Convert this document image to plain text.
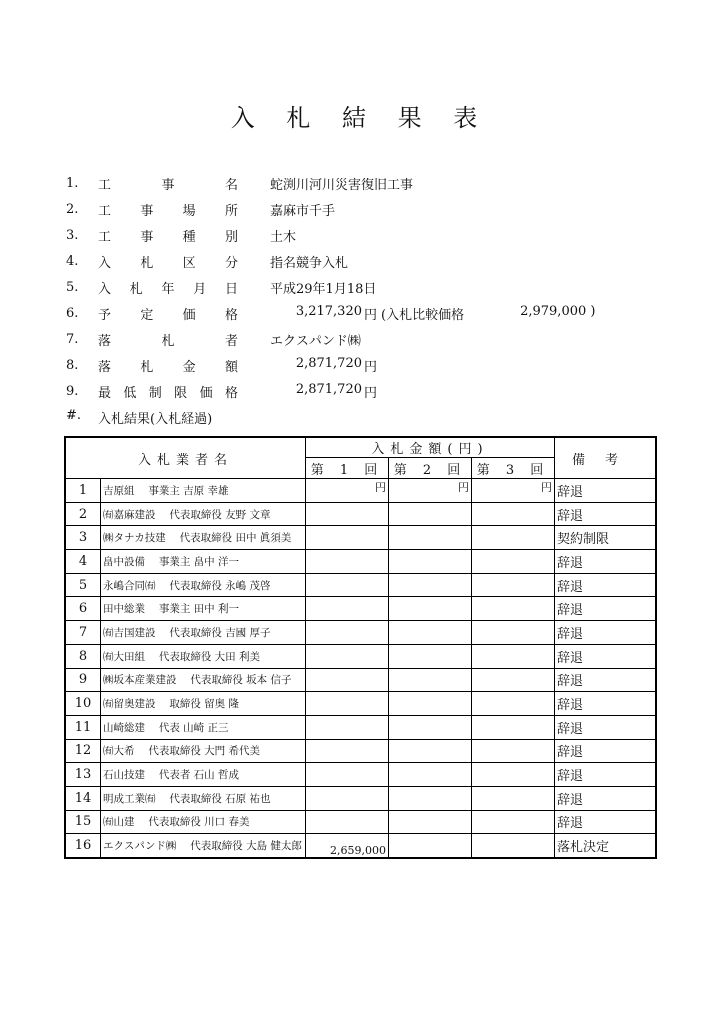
入 札 結 果 表
1.	工	事	名 蛇渕川河川災害復旧工事
2.	工 事 場 所 嘉麻市千手
3.	工 事 種 別 土木
4.	入 札 区 分 指名競争入札
5.	入 札 年 月 日 平成29年1月18日
6.	予 定 価 格	3,217,320 円 (入札比較価格	2,979,000 )
7.	落	札	者 エクスパンド㈱
8.	落 札 金 額	2,871,720 円
9.	最 低 制 限 価 格	2,871,720 円
#.	入札結果(入札経過)
入札業者名		入札金額(円)			備考
		第 1 回	第 2 回	第 3 回	
1	吉原組　 事業主 吉原 幸雄	円	円	円	辞退
2	㈲嘉麻建設　 代表取締役 友野 文章				辞退
3	㈱タナカ技建　 代表取締役 田中 眞須美				契約制限
4	畠中設備　 事業主 畠中 洋一				辞退
5	永嶋合同㈲　 代表取締役 永嶋 茂啓				辞退
6	田中総業　 事業主 田中 利一				辞退
7	㈲吉国建設　 代表取締役 吉國 厚子				辞退
8	㈲大田組　 代表取締役 大田 利美				辞退
9	㈱坂本産業建設　 代表取締役 坂本 信子				辞退
10	㈲留奥建設　 取締役 留奥 隆				辞退
11	山崎総建　 代表 山崎 正三				辞退
12	㈲大希　 代表取締役 大門 希代美				辞退
13	石山技建　 代表者 石山 哲成				辞退
14	明成工業㈲　 代表取締役 石原 祐也				辞退
15	㈲山建　 代表取締役 川口 春美				辞退
16	エクスパンド㈱　 代表取締役 大島 健太郎	2,659,000			落札決定
